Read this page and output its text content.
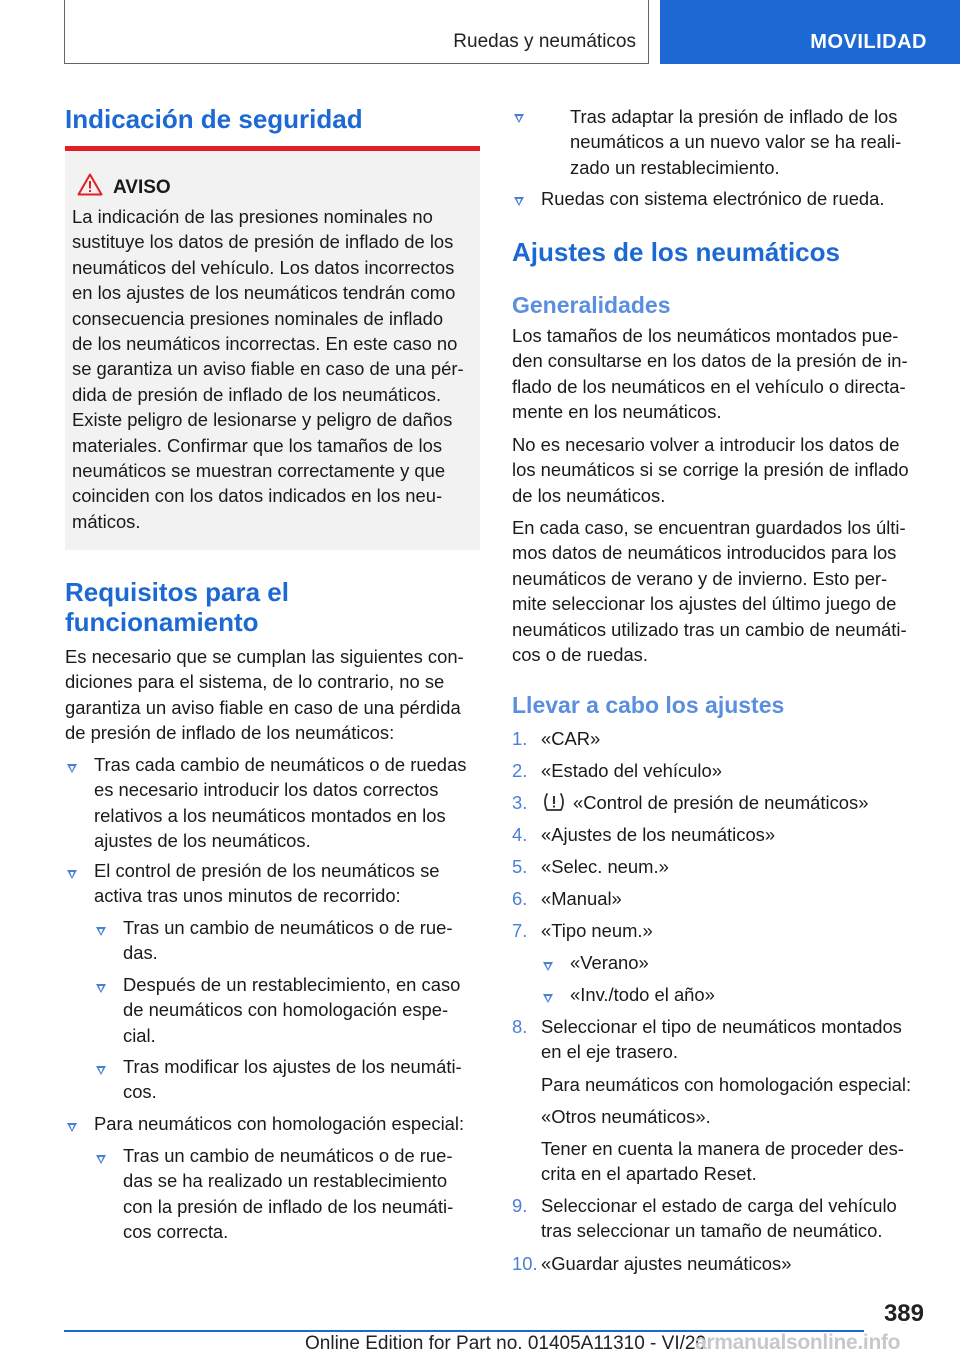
Ruedas y neumáticos	MOVILIDAD
Indicación de seguridad
AVISO
La indicación de las presiones nominales no
sustituye los datos de presión de inflado de los
neumáticos del vehículo. Los datos incorrectos
en los ajustes de los neumáticos tendrán como
consecuencia presiones nominales de inflado
de los neumáticos incorrectas. En este caso no
se garantiza un aviso fiable en caso de una pér-
dida de presión de inflado de los neumáticos.
Existe peligro de lesionarse y peligro de daños
materiales. Confirmar que los tamaños de los
neumáticos se muestran correctamente y que
coinciden con los datos indicados en los neu-
máticos.
Requisitos para el
funcionamiento
Es necesario que se cumplan las siguientes con-
diciones para el sistema, de lo contrario, no se
garantiza un aviso fiable en caso de una pérdida
de presión de inflado de los neumáticos:
Tras cada cambio de neumáticos o de ruedas
es necesario introducir los datos correctos
relativos a los neumáticos montados en los
ajustes de los neumáticos.
El control de presión de los neumáticos se
activa tras unos minutos de recorrido:
Tras un cambio de neumáticos o de rue-
das.
Después de un restablecimiento, en caso
de neumáticos con homologación espe-
cial.
Tras modificar los ajustes de los neumáti-
cos.
Para neumáticos con homologación especial:
Tras un cambio de neumáticos o de rue-
das se ha realizado un restablecimiento
con la presión de inflado de los neumáti-
cos correcta.
Tras adaptar la presión de inflado de los
neumáticos a un nuevo valor se ha reali-
zado un restablecimiento.
Ruedas con sistema electrónico de rueda.
Ajustes de los neumáticos
Generalidades
Los tamaños de los neumáticos montados pue-
den consultarse en los datos de la presión de in-
flado de los neumáticos en el vehículo o directa-
mente en los neumáticos.
No es necesario volver a introducir los datos de
los neumáticos si se corrige la presión de inflado
de los neumáticos.
En cada caso, se encuentran guardados los últi-
mos datos de neumáticos introducidos para los
neumáticos de verano y de invierno. Esto per-
mite seleccionar los ajustes del último juego de
neumáticos utilizado tras un cambio de neumáti-
cos o de ruedas.
Llevar a cabo los ajustes
1. «CAR»
2. «Estado del vehículo»
3. «Control de presión de neumáticos»
4. «Ajustes de los neumáticos»
5. «Selec. neum.»
6. «Manual»
7. «Tipo neum.»
«Verano»
«Inv./todo el año»
8. Seleccionar el tipo de neumáticos montados
en el eje trasero.
Para neumáticos con homologación especial:
«Otros neumáticos».
Tener en cuenta la manera de proceder des-
crita en el apartado Reset.
9. Seleccionar el estado de carga del vehículo
tras seleccionar un tamaño de neumático.
10. «Guardar ajustes neumáticos»
389
Online Edition for Part no. 01405A11310 - VI/20
armanualsonline.info
